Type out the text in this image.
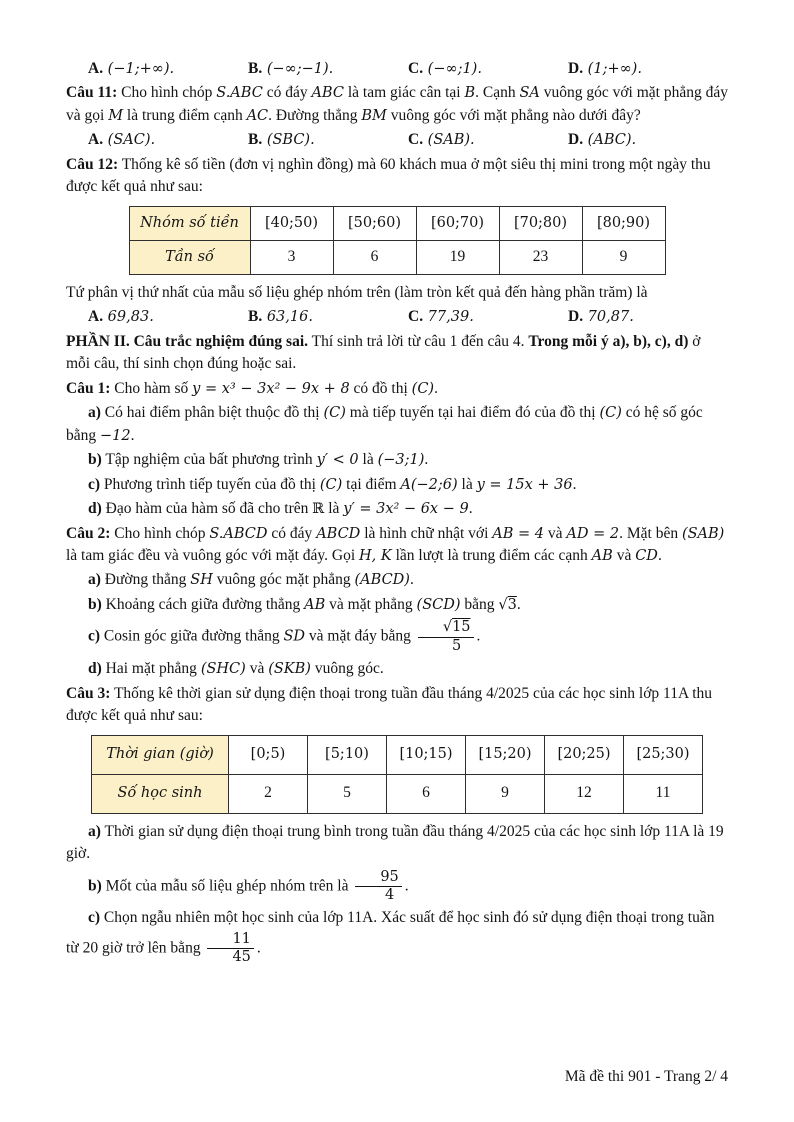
A. (−1;+∞).	B. (−∞;−1).	C. (−∞;1).	D. (1;+∞).

Câu 11: Cho hình chóp S.ABC có đáy ABC là tam giác cân tại B. Cạnh SA vuông góc với mặt phẳng đáy và gọi M là trung điểm cạnh AC. Đường thẳng BM vuông góc với mặt phẳng nào dưới đây?

A. (SAC).	B. (SBC).	C. (SAB).	D. (ABC).

Câu 12: Thống kê số tiền (đơn vị nghìn đồng) mà 60 khách mua ở một siêu thị mini trong một ngày thu được kết quả như sau:

Nhóm số tiền	[40;50)	[50;60)	[60;70)	[70;80)	[80;90)
Tần số	3	6	19	23	9

Tứ phân vị thứ nhất của mẫu số liệu ghép nhóm trên (làm tròn kết quả đến hàng phần trăm) là

A. 69,83.	B. 63,16.	C. 77,39.	D. 70,87.

PHẦN II. Câu trắc nghiệm đúng sai. Thí sinh trả lời từ câu 1 đến câu 4. Trong mỗi ý a), b), c), d) ở mỗi câu, thí sinh chọn đúng hoặc sai.

Câu 1: Cho hàm số y = x³ − 3x² − 9x + 8 có đồ thị (C).

a) Có hai điểm phân biệt thuộc đồ thị (C) mà tiếp tuyến tại hai điểm đó của đồ thị (C) có hệ số góc bằng −12.

b) Tập nghiệm của bất phương trình y′ < 0 là (−3;1).

c) Phương trình tiếp tuyến của đồ thị (C) tại điểm A(−2;6) là y = 15x + 36.

d) Đạo hàm của hàm số đã cho trên ℝ là y′ = 3x² − 6x − 9.

Câu 2: Cho hình chóp S.ABCD có đáy ABCD là hình chữ nhật với AB = 4 và AD = 2. Mặt bên (SAB) là tam giác đều và vuông góc với mặt đáy. Gọi H, K lần lượt là trung điểm các cạnh AB và CD.

a) Đường thẳng SH vuông góc mặt phẳng (ABCD).

b) Khoảng cách giữa đường thẳng AB và mặt phẳng (SCD) bằng √3.

c) Cosin góc giữa đường thẳng SD và mặt đáy bằng $\frac{√15}{5}$ .

d) Hai mặt phẳng (SHC) và (SKB) vuông góc.

Câu 3: Thống kê thời gian sử dụng điện thoại trong tuần đầu tháng 4/2025 của các học sinh lớp 11A thu được kết quả như sau:

Thời gian (giờ)	[0;5)	[5;10)	[10;15)	[15;20)	[20;25)	[25;30)
Số học sinh	2	5	6	9	12	11

a) Thời gian sử dụng điện thoại trung bình trong tuần đầu tháng 4/2025 của các học sinh lớp 11A là 19 giờ.

b) Mốt của mẫu số liệu ghép nhóm trên là $\frac{95}{4}$ .

c) Chọn ngẫu nhiên một học sinh của lớp 11A. Xác suất để học sinh đó sử dụng điện thoại trong tuần từ 20 giờ trở lên bằng $\frac{11}{45}$ .

Mã đề thi 901 - Trang 2/ 4
